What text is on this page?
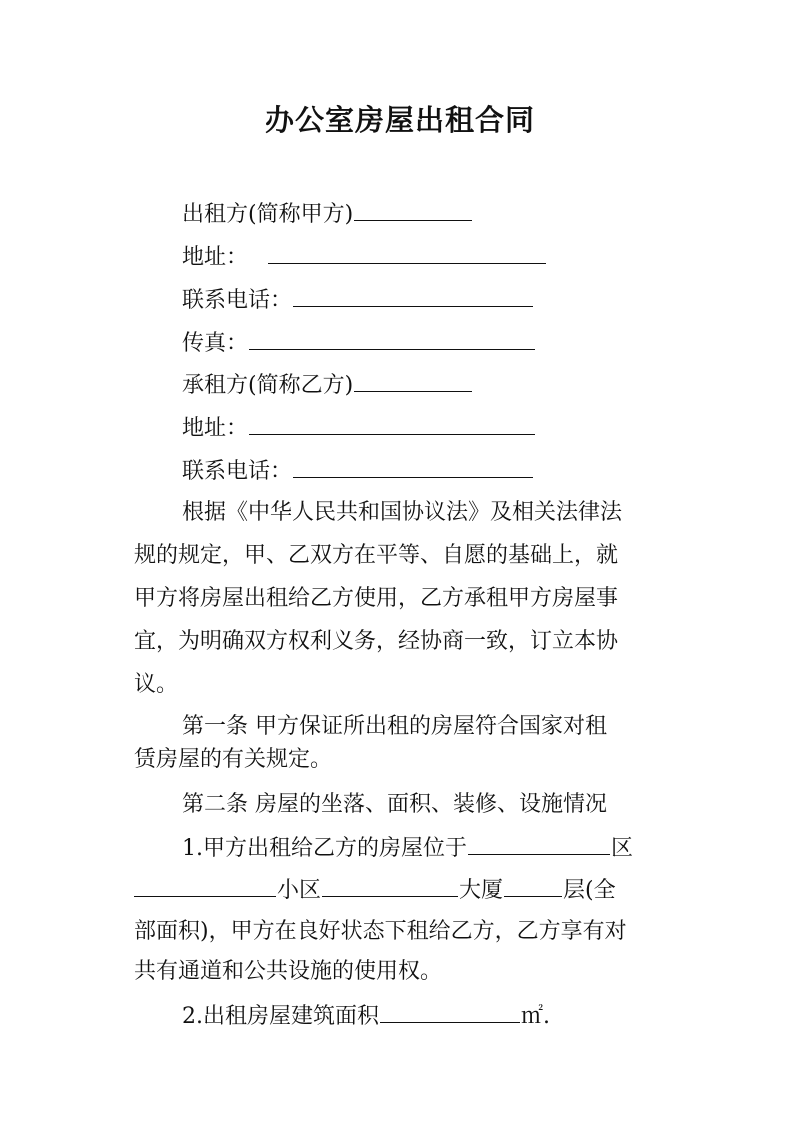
办公室房屋出租合同
出租方(简称甲方)
地址：
联系电话：
传真：
承租方(简称乙方)
地址：
联系电话：
根据《中华人民共和国协议法》及相关法律法
规的规定，甲、乙双方在平等、自愿的基础上，就
甲方将房屋出租给乙方使用，乙方承租甲方房屋事
宜，为明确双方权利义务，经协商一致，订立本协
议。
第一条 甲方保证所出租的房屋符合国家对租
赁房屋的有关规定。
第二条 房屋的坐落、面积、装修、设施情况
1.甲方出租给乙方的房屋位于	区
小区	大厦	层(全
部面积)，甲方在良好状态下租给乙方，乙方享有对
共有通道和公共设施的使用权。
2.出租房屋建筑面积	㎡.
